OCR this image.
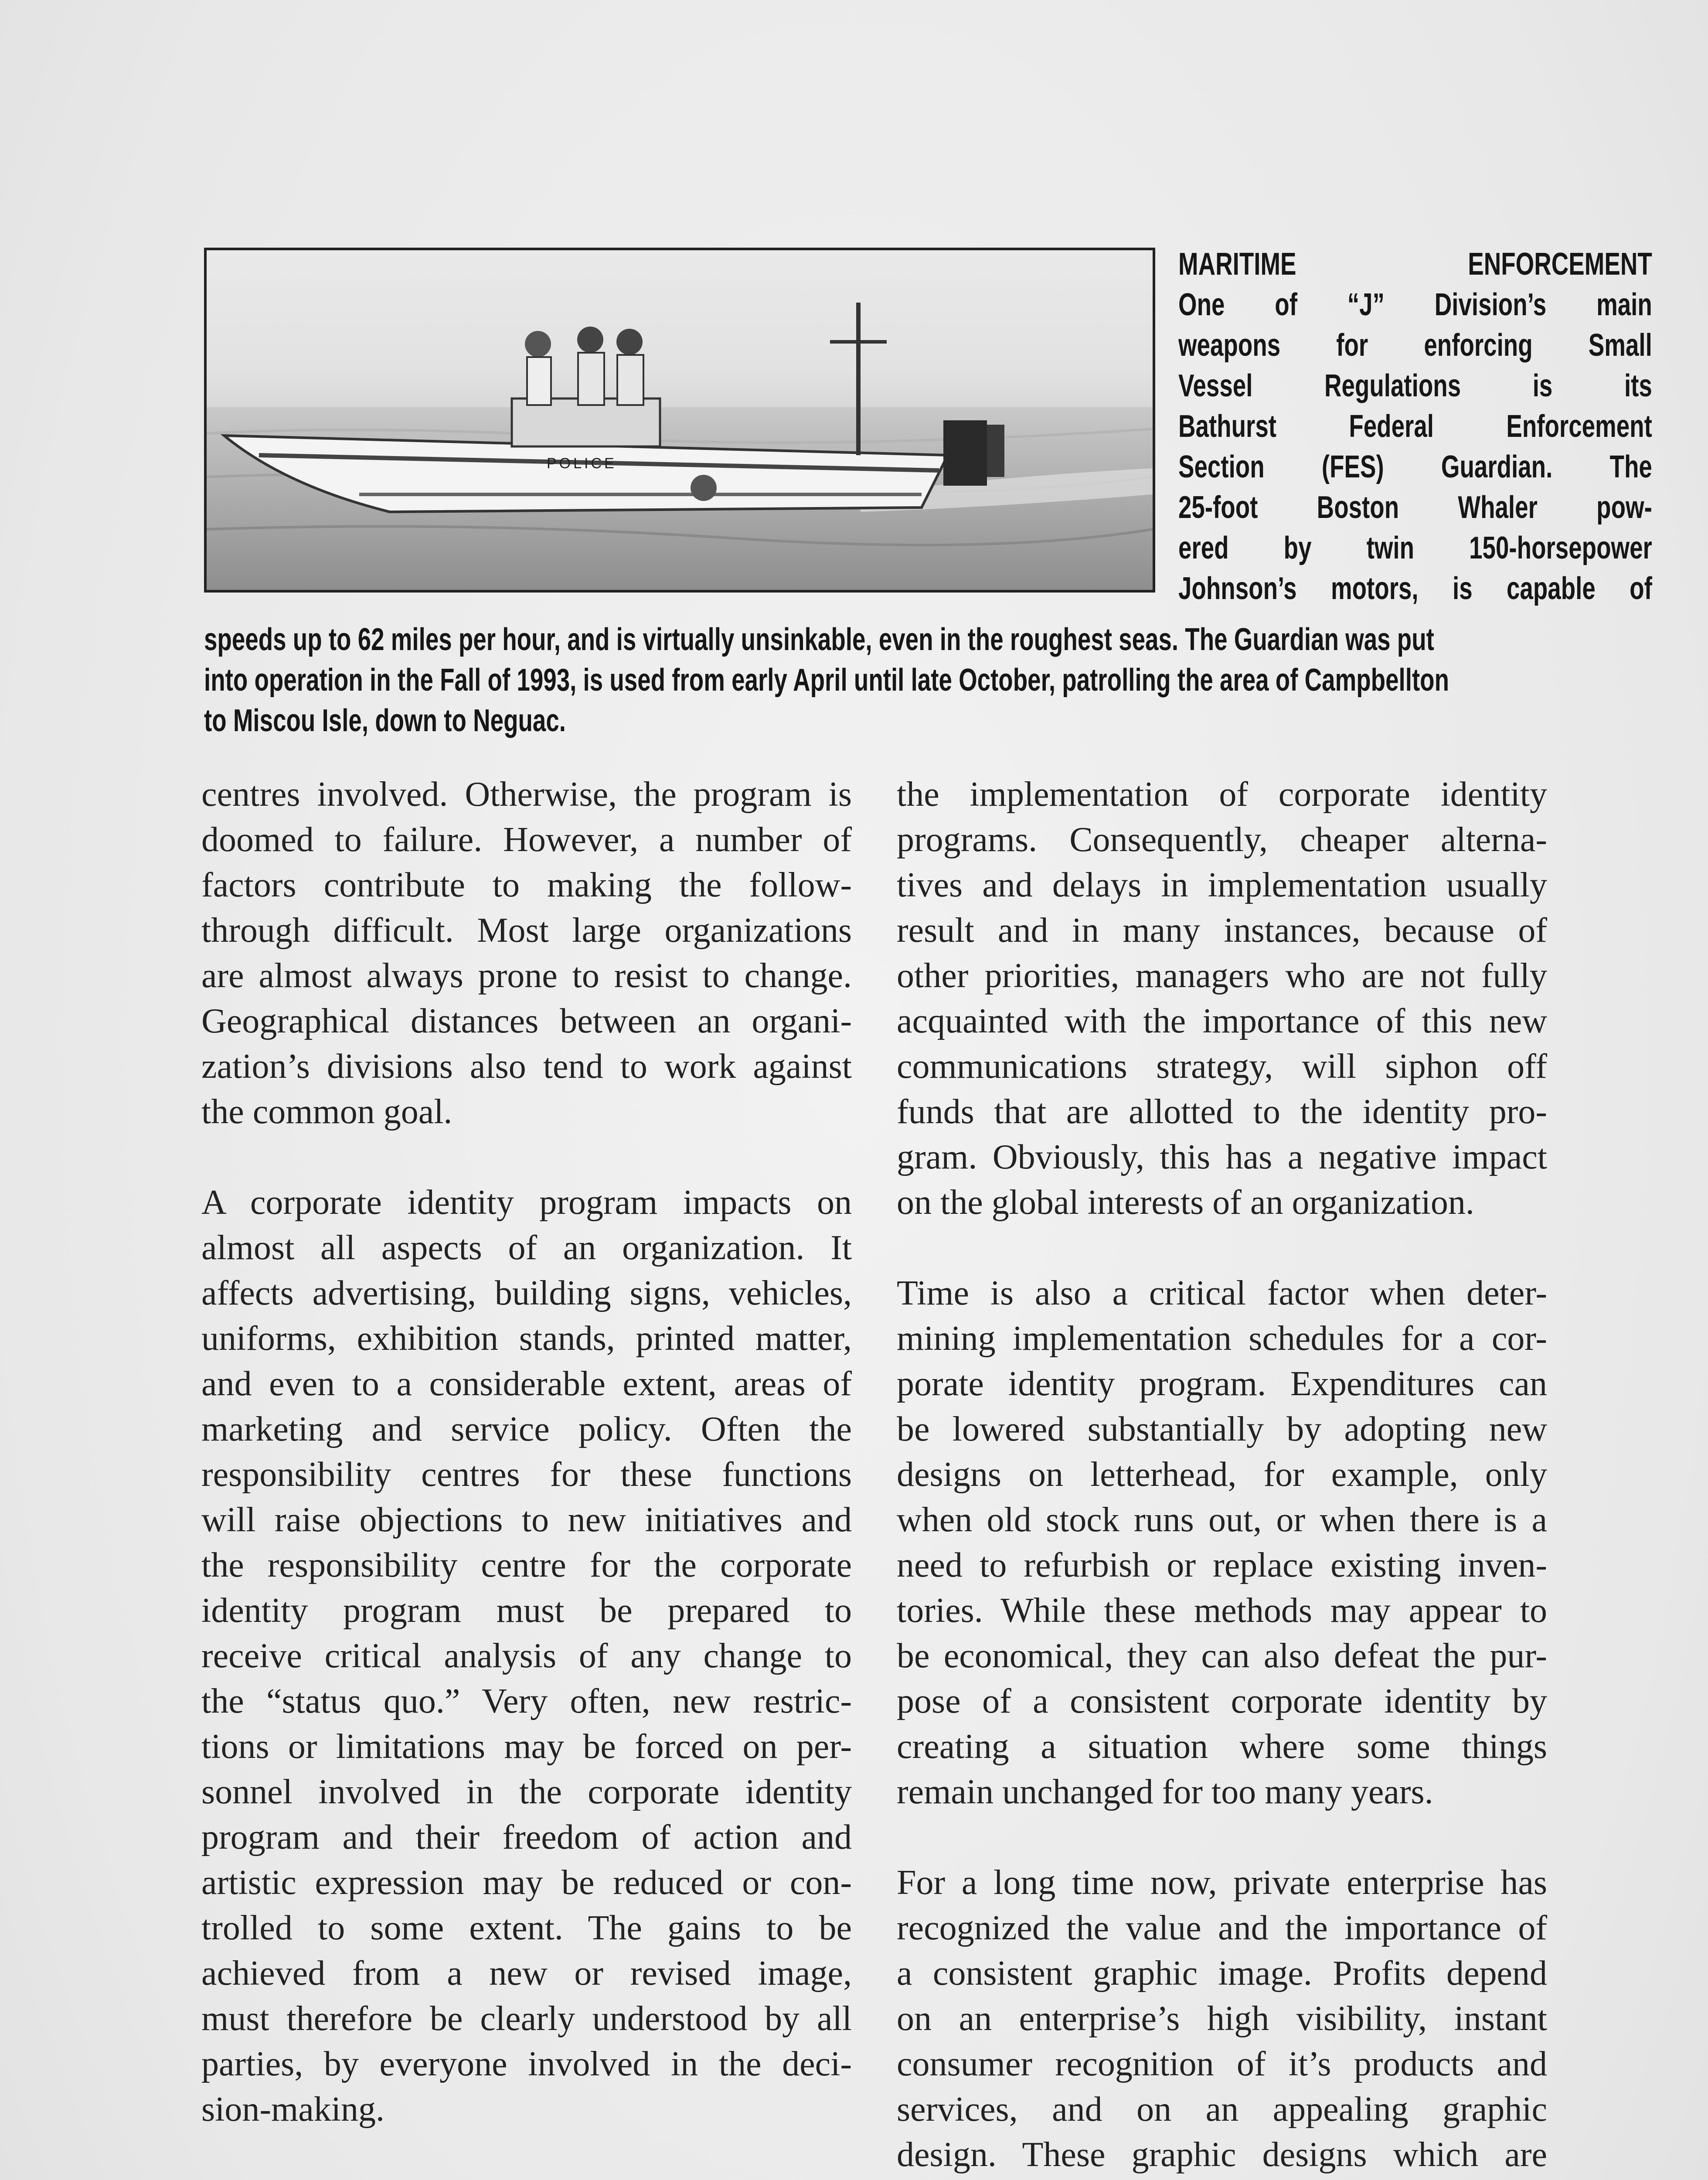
POLICE
MARITIME ENFORCEMENT
One of “J” Division’s main
weapons for enforcing Small
Vessel Regulations is its
Bathurst Federal Enforcement
Section (FES) Guardian. The
25-foot Boston Whaler pow-
ered by twin 150-horsepower
Johnson’s motors, is capable of
speeds up to 62 miles per hour, and is virtually unsinkable, even in the roughest seas. The Guardian was put
into operation in the Fall of 1993, is used from early April until late October, patrolling the area of Campbellton
to Miscou Isle, down to Neguac.
centres involved. Otherwise, the program is
doomed to failure. However, a number of
factors contribute to making the follow-
through difficult. Most large organizations
are almost always prone to resist to change.
Geographical distances between an organi-
zation’s divisions also tend to work against
the common goal.
A corporate identity program impacts on
almost all aspects of an organization. It
affects advertising, building signs, vehicles,
uniforms, exhibition stands, printed matter,
and even to a considerable extent, areas of
marketing and service policy. Often the
responsibility centres for these functions
will raise objections to new initiatives and
the responsibility centre for the corporate
identity program must be prepared to
receive critical analysis of any change to
the “status quo.” Very often, new restric-
tions or limitations may be forced on per-
sonnel involved in the corporate identity
program and their freedom of action and
artistic expression may be reduced or con-
trolled to some extent. The gains to be
achieved from a new or revised image,
must therefore be clearly understood by all
parties, by everyone involved in the deci-
sion-making.
the implementation of corporate identity
programs. Consequently, cheaper alterna-
tives and delays in implementation usually
result and in many instances, because of
other priorities, managers who are not fully
acquainted with the importance of this new
communications strategy, will siphon off
funds that are allotted to the identity pro-
gram. Obviously, this has a negative impact
on the global interests of an organization.
Time is also a critical factor when deter-
mining implementation schedules for a cor-
porate identity program. Expenditures can
be lowered substantially by adopting new
designs on letterhead, for example, only
when old stock runs out, or when there is a
need to refurbish or replace existing inven-
tories. While these methods may appear to
be economical, they can also defeat the pur-
pose of a consistent corporate identity by
creating a situation where some things
remain unchanged for too many years.
For a long time now, private enterprise has
recognized the value and the importance of
a consistent graphic image. Profits depend
on an enterprise’s high visibility, instant
consumer recognition of it’s products and
services, and on an appealing graphic
design. These graphic designs which are
